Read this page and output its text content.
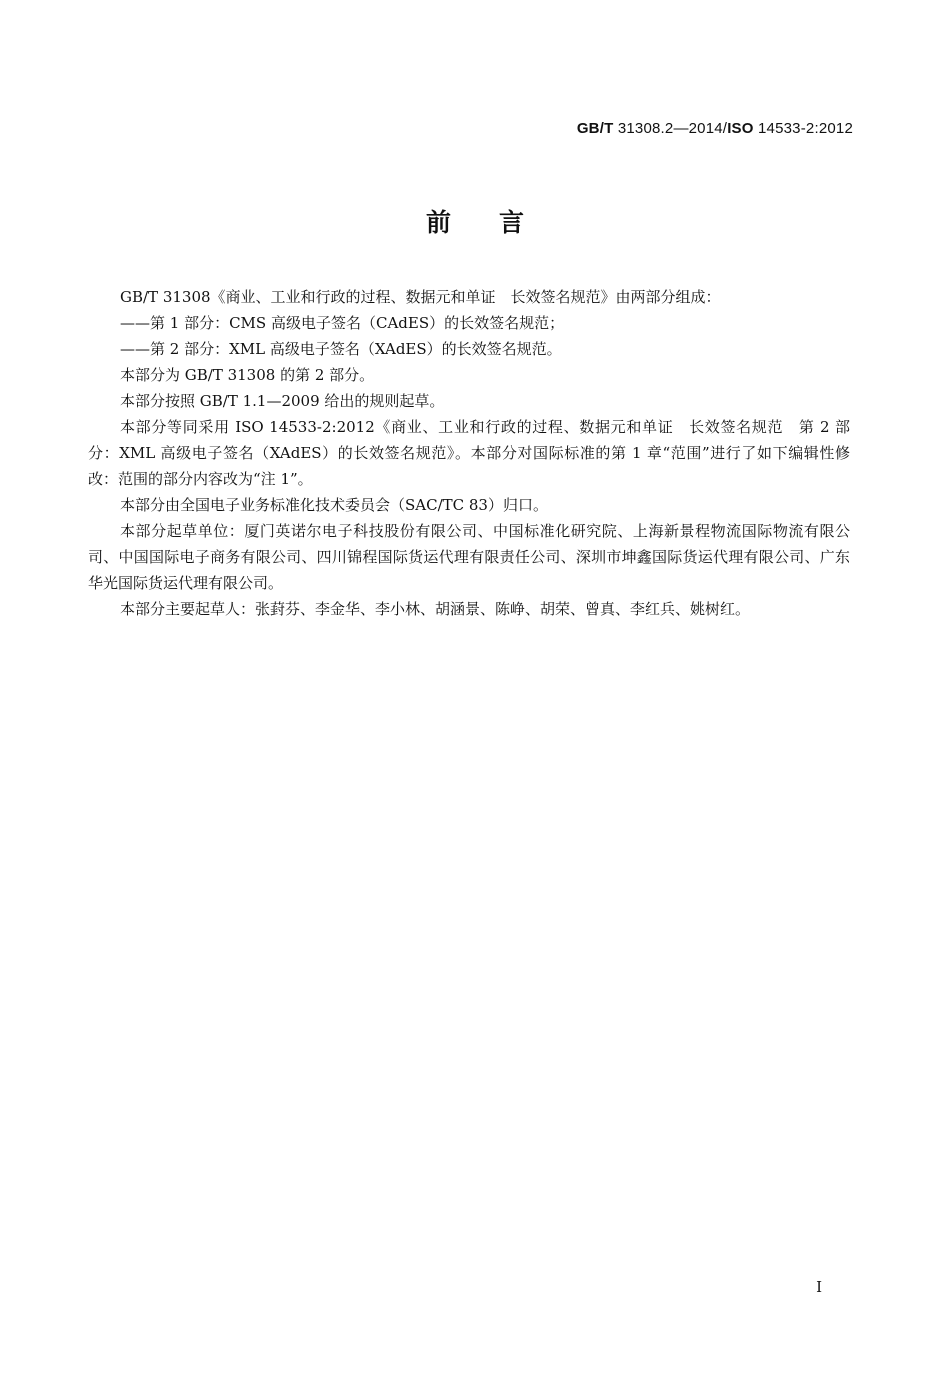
GB/T 31308.2—2014/ISO 14533-2:2012
前言

GB/T 31308《商业、工业和行政的过程、数据元和单证　长效签名规范》由两部分组成：

——第 1 部分：CMS 高级电子签名（CAdES）的长效签名规范；

——第 2 部分：XML 高级电子签名（XAdES）的长效签名规范。

本部分为 GB/T 31308 的第 2 部分。

本部分按照 GB/T 1.1—2009 给出的规则起草。

本部分等同采用 ISO 14533-2:2012《商业、工业和行政的过程、数据元和单证　长效签名规范　第 2 部分：XML 高级电子签名（XAdES）的长效签名规范》。本部分对国际标准的第 1 章“范围”进行了如下编辑性修改：范围的部分内容改为“注 1”。

本部分由全国电子业务标准化技术委员会（SAC/TC 83）归口。

本部分起草单位：厦门英诺尔电子科技股份有限公司、中国标准化研究院、上海新景程物流国际物流有限公司、中国国际电子商务有限公司、四川锦程国际货运代理有限责任公司、深圳市坤鑫国际货运代理有限公司、广东华光国际货运代理有限公司。

本部分主要起草人：张葑芬、李金华、李小林、胡涵景、陈峥、胡荣、曾真、李红兵、姚树红。

I
